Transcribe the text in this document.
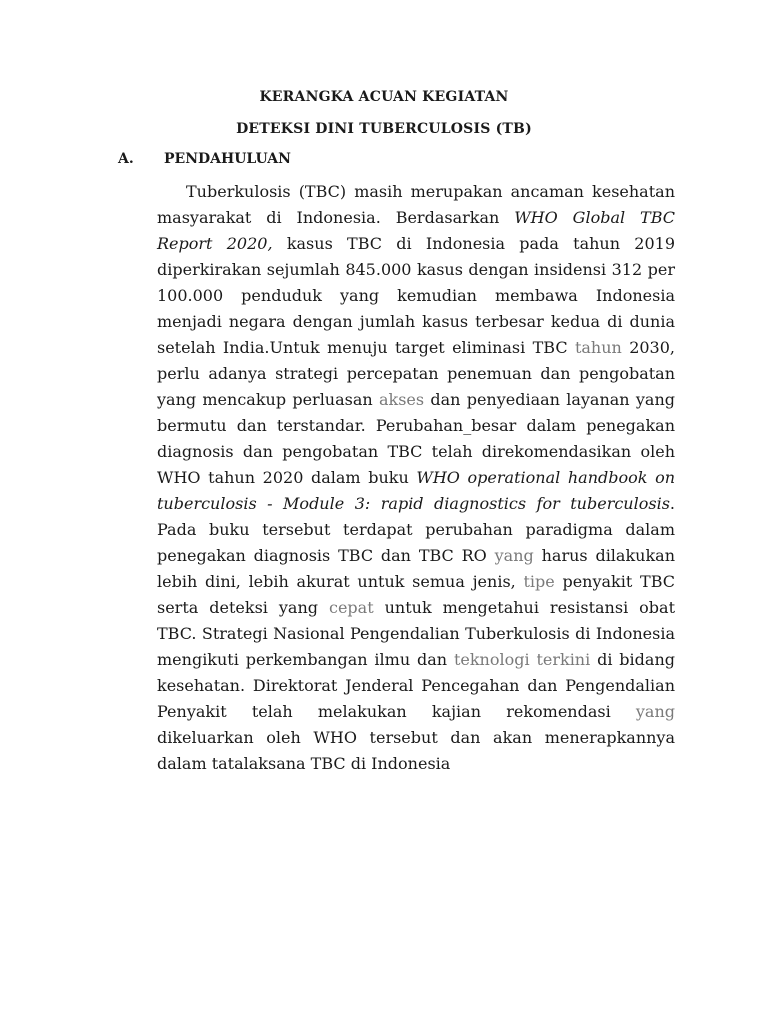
KERANGKA ACUAN KEGIATAN
DETEKSI DINI TUBERCULOSIS (TB)
A. PENDAHULUAN

Tuberkulosis (TBC) masih merupakan ancaman kesehatan masyarakat di Indonesia. Berdasarkan WHO Global TBC Report 2020, kasus TBC di Indonesia pada tahun 2019 diperkirakan sejumlah 845.000 kasus dengan insidensi 312 per 100.000 penduduk yang kemudian membawa Indonesia menjadi negara dengan jumlah kasus terbesar kedua di dunia setelah India.Untuk menuju target eliminasi TBC tahun 2030, perlu adanya strategi percepatan penemuan dan pengobatan yang mencakup perluasan akses dan penyediaan layanan yang bermutu dan terstandar. Perubahan_besar dalam penegakan diagnosis dan pengobatan TBC telah direkomendasikan oleh WHO tahun 2020 dalam buku WHO operational handbook on tuberculosis - Module 3: rapid diagnostics for tuberculosis. Pada buku tersebut terdapat perubahan paradigma dalam penegakan diagnosis TBC dan TBC RO yang harus dilakukan lebih dini, lebih akurat untuk semua jenis, tipe penyakit TBC serta deteksi yang cepat untuk mengetahui resistansi obat TBC. Strategi Nasional Pengendalian Tuberkulosis di Indonesia mengikuti perkembangan ilmu dan teknologi terkini di bidang kesehatan. Direktorat Jenderal Pencegahan dan Pengendalian Penyakit telah melakukan kajian rekomendasi yang dikeluarkan oleh WHO tersebut dan akan menerapkannya dalam tatalaksana TBC di Indonesia
